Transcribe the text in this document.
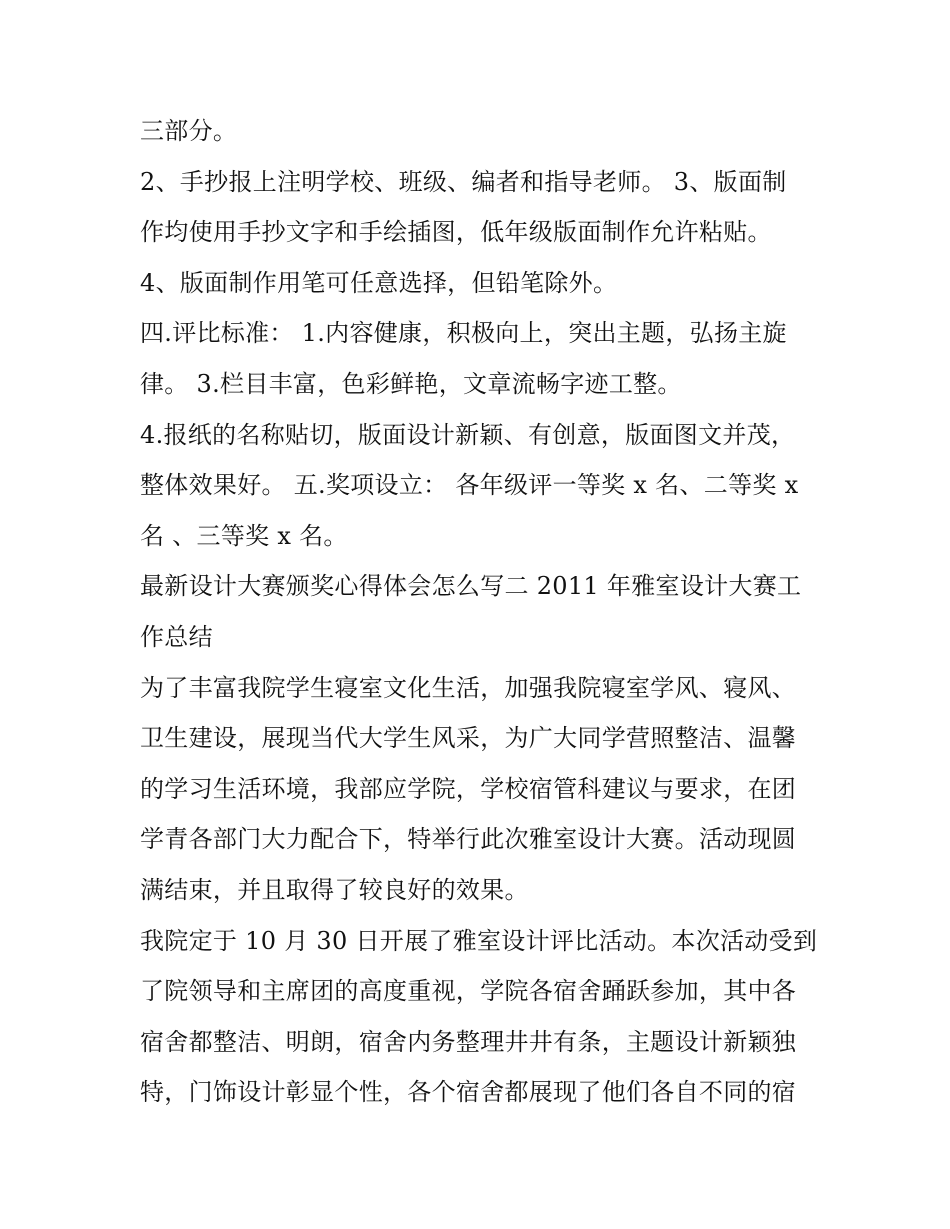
三部分。
2、手抄报上注明学校、班级、编者和指导老师。 3、版面制
作均使用手抄文字和手绘插图，低年级版面制作允许粘贴。
4、版面制作用笔可任意选择，但铅笔除外。
四.评比标准： 1.内容健康，积极向上，突出主题，弘扬主旋
律。 3.栏目丰富，色彩鲜艳，文章流畅字迹工整。
4.报纸的名称贴切，版面设计新颖、有创意，版面图文并茂，
整体效果好。 五.奖项设立： 各年级评一等奖 x 名、二等奖 x
名 、三等奖 x 名。
最新设计大赛颁奖心得体会怎么写二 2011 年雅室设计大赛工
作总结
为了丰富我院学生寝室文化生活，加强我院寝室学风、寝风、
卫生建设，展现当代大学生风采，为广大同学营照整洁、温馨
的学习生活环境，我部应学院，学校宿管科建议与要求，在团
学青各部门大力配合下，特举行此次雅室设计大赛。活动现圆
满结束，并且取得了较良好的效果。
我院定于 10 月 30 日开展了雅室设计评比活动。本次活动受到
了院领导和主席团的高度重视，学院各宿舍踊跃参加，其中各
宿舍都整洁、明朗，宿舍内务整理井井有条，主题设计新颖独
特，门饰设计彰显个性，各个宿舍都展现了他们各自不同的宿
